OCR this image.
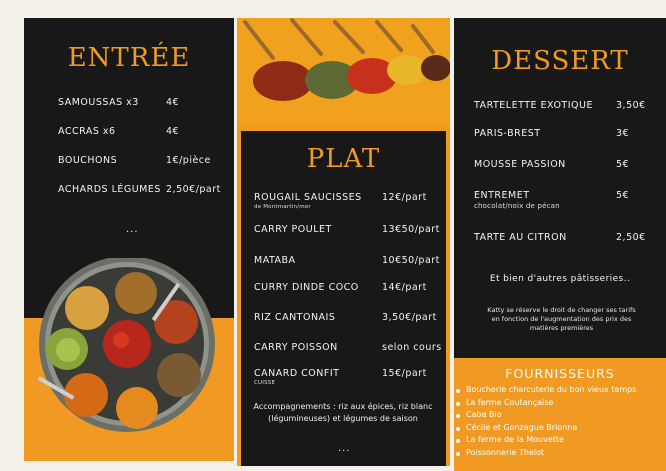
ENTRÉE
SAMOUSSAS x3	4€
ACCRAS x6	4€
BOUCHONS	1€/pièce
ACHARDS LÉGUMES 2,50€/part
...
PLAT
ROUGAIL SAUCISSES
de Montmartin/mer
12€/part
CARRY POULET	13€50/part
MATABA	10€50/part
CURRY DINDE COCO 14€/part
RIZ CANTONAIS	3,50€/part
CARRY POISSON	selon cours
CANARD CONFIT
CUISSE
15€/part
Accompagnements : riz aux épices, riz blanc (légumineuses) et légumes de saison
...
DESSERT
TARTELETTE EXOTIQUE 3,50€
PARIS-BREST	3€
MOUSSE PASSION	5€
ENTREMET
chocolat/noix de pécan
5€
TARTE AU CITRON	2,50€
Et bien d'autres pâtisseries..
Katty se réserve le droit de changer ses tarifs en fonction de l'augmentation des prix des matières premières
FOURNISSEURS
Boucherie charcuterie du bon vieux temps
La ferme Coutançaise
Caba Bio
Cécile et Gonzague Brionne
La ferme de la Mouvette
Poissonnerie Thelot
